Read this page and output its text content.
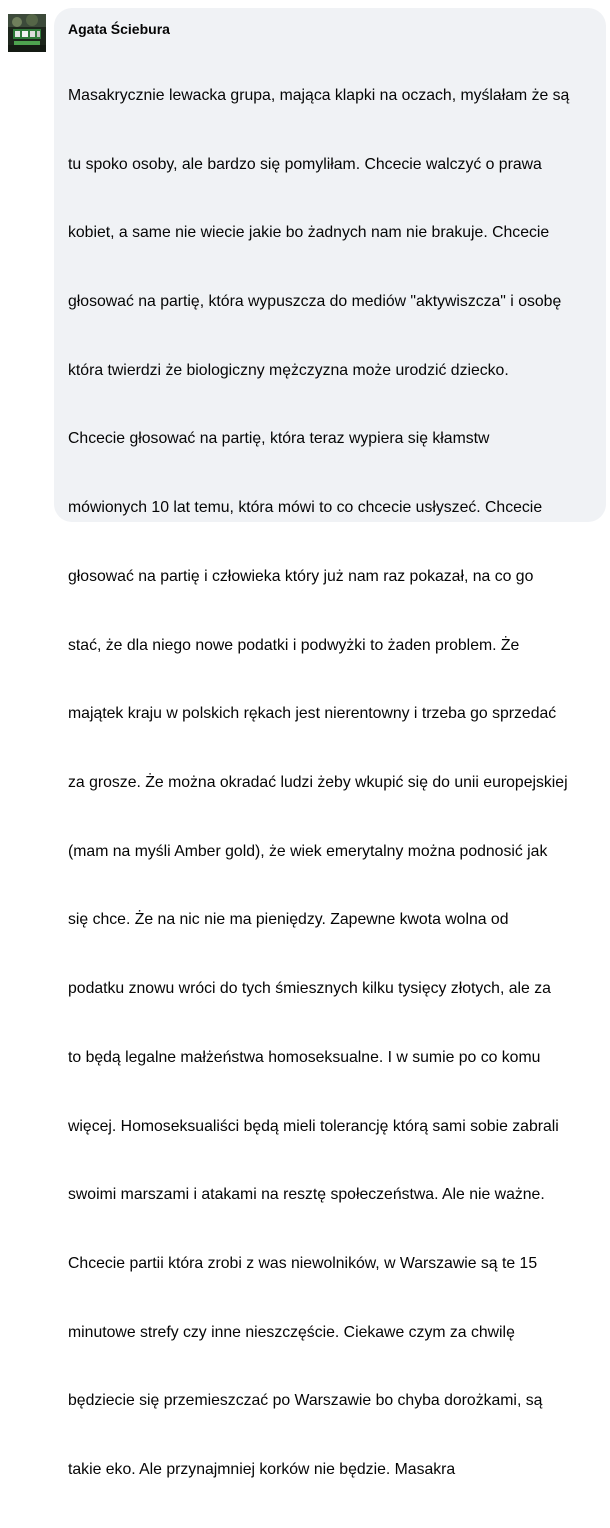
Agata Ściebura

Masakrycznie lewacka grupa, mająca klapki na oczach, myślałam że są

tu spoko osoby, ale bardzo się pomyliłam. Chcecie walczyć o prawa

kobiet, a same nie wiecie jakie bo żadnych nam nie brakuje. Chcecie

głosować na partię, która wypuszcza do mediów "aktywiszcza" i osobę

która twierdzi że biologiczny mężczyzna może urodzić dziecko.

Chcecie głosować na partię, która teraz wypiera się kłamstw

mówionych 10 lat temu, która mówi to co chcecie usłyszeć. Chcecie

głosować na partię i człowieka który już nam raz pokazał, na co go

stać, że dla niego nowe podatki i podwyżki to żaden problem. Że

majątek kraju w polskich rękach jest nierentowny i trzeba go sprzedać

za grosze. Że można okradać ludzi żeby wkupić się do unii europejskiej

(mam na myśli Amber gold), że wiek emerytalny można podnosić jak

się chce. Że na nic nie ma pieniędzy. Zapewne kwota wolna od

podatku znowu wróci do tych śmiesznych kilku tysięcy złotych, ale za

to będą legalne małżeństwa homoseksualne. I w sumie po co komu

więcej. Homoseksualiści będą mieli tolerancję którą sami sobie zabrali

swoimi marszami i atakami na resztę społeczeństwa. Ale nie ważne.

Chcecie partii która zrobi z was niewolników, w Warszawie są te 15

minutowe strefy czy inne nieszczęście. Ciekawe czym za chwilę

będziecie się przemieszczać po Warszawie bo chyba dorożkami, są

takie eko. Ale przynajmniej korków nie będzie. Masakra
